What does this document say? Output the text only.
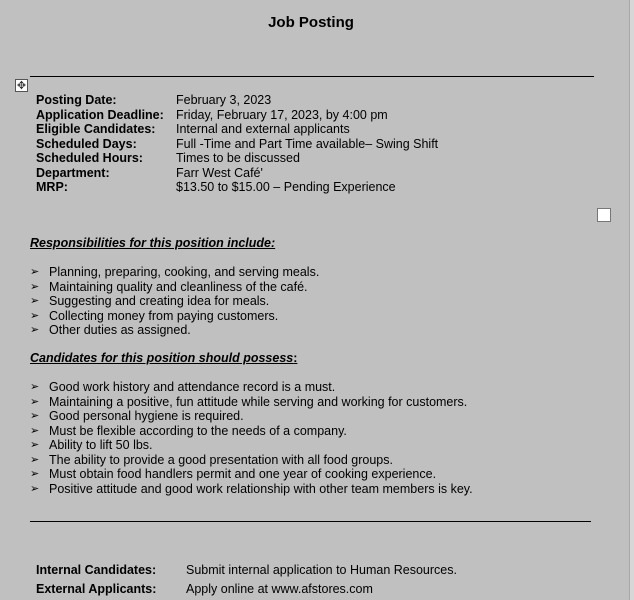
Job Posting
✥
Posting Date:	February 3, 2023
Application Deadline: Friday, February 17, 2023, by 4:00 pm
Eligible Candidates:	Internal and external applicants
Scheduled Days:	Full -Time and Part Time available– Swing Shift
Scheduled Hours:	Times to be discussed
Department:	Farr West Café'
MRP:	$13.50 to $15.00 – Pending Experience
Responsibilities for this position include:
➢ Planning, preparing, cooking, and serving meals.
➢ Maintaining quality and cleanliness of the café.
➢ Suggesting and creating idea for meals.
➢ Collecting money from paying customers.
➢ Other duties as assigned.
Candidates for this position should possess:
➢ Good work history and attendance record is a must.
➢ Maintaining a positive, fun attitude while serving and working for customers.
➢ Good personal hygiene is required.
➢ Must be flexible according to the needs of a company.
➢ Ability to lift 50 lbs.
➢ The ability to provide a good presentation with all food groups.
➢ Must obtain food handlers permit and one year of cooking experience.
➢ Positive attitude and good work relationship with other team members is key.
Internal Candidates:	Submit internal application to Human Resources.
External Applicants:	Apply online at www.afstores.com
